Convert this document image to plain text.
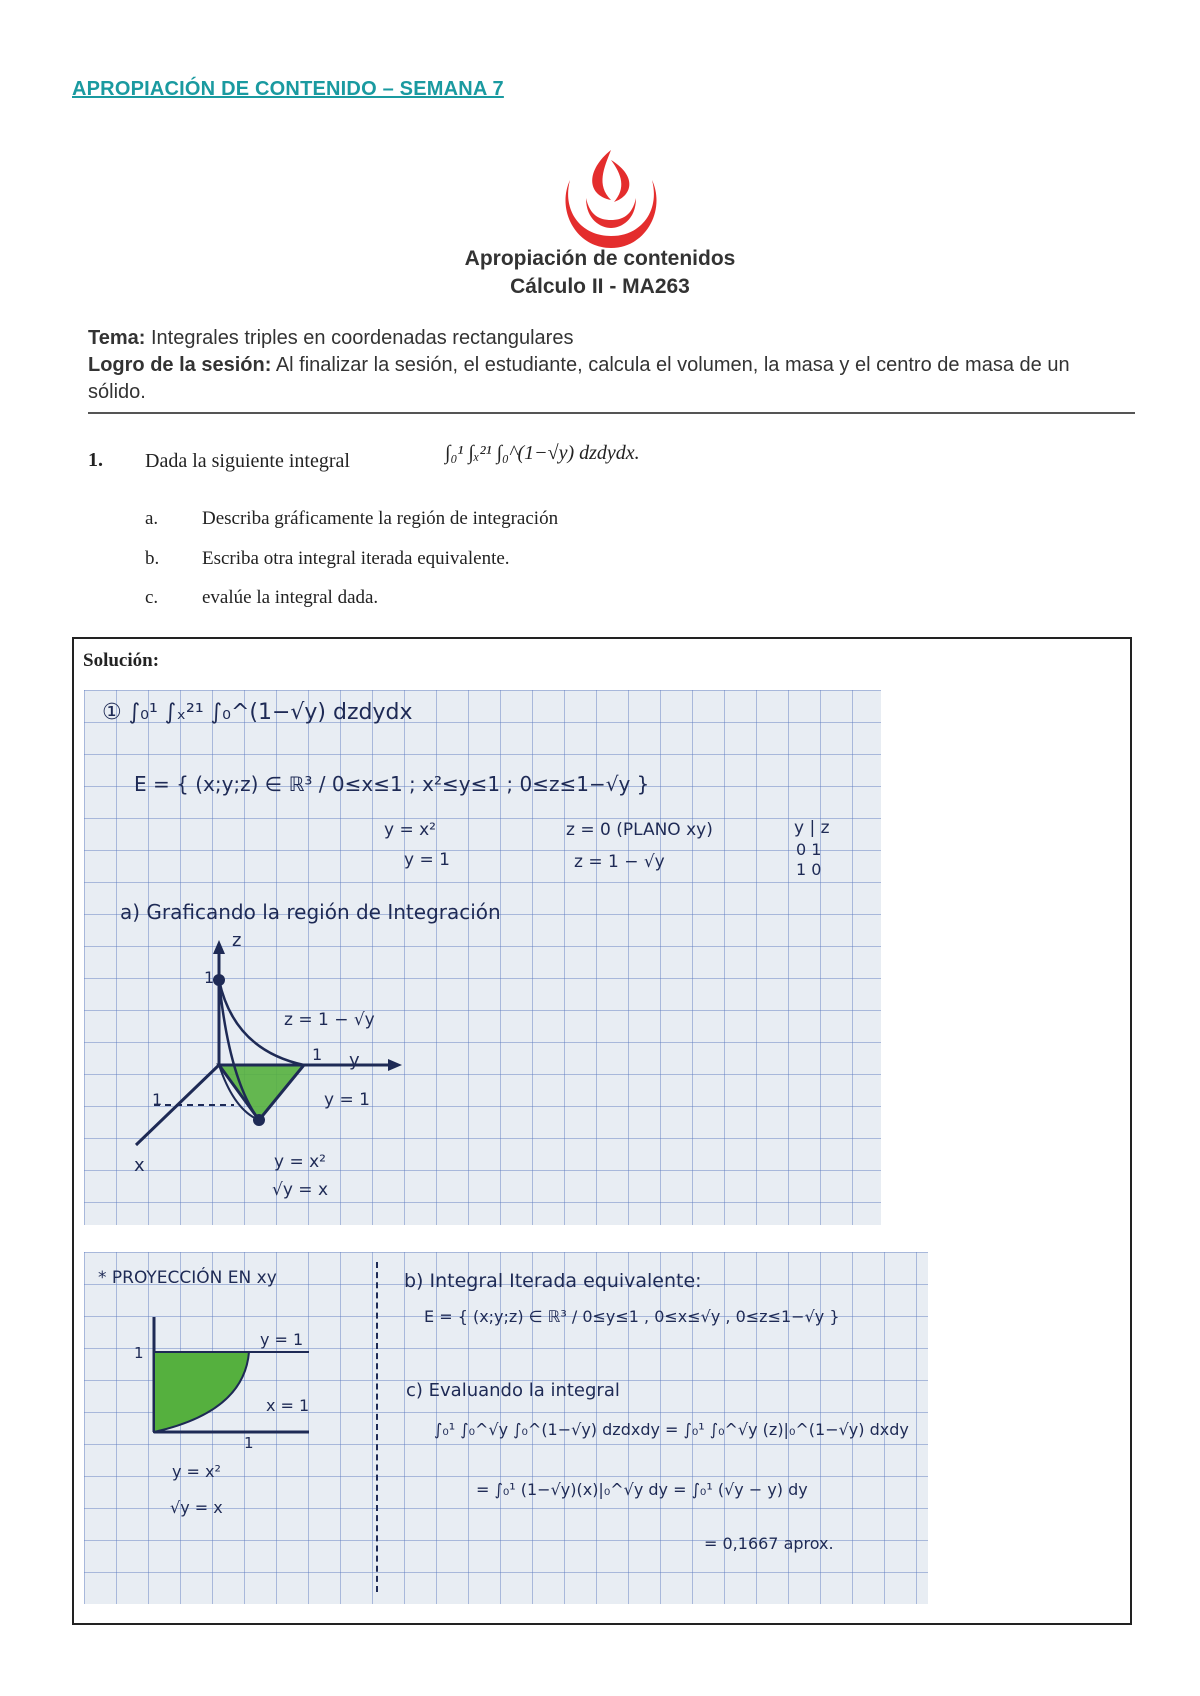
APROPIACIÓN DE CONTENIDO – SEMANA 7
Apropiación de contenidos
Cálculo II - MA263
Tema: Integrales triples en coordenadas rectangulares
Logro de la sesión: Al finalizar la sesión, el estudiante, calcula el volumen, la masa y el centro de masa de un sólido.
1. Dada la siguiente integral	∫₀¹ ∫ₓ²¹ ∫₀^(1−√y) dzdydx.
a. Describa gráficamente la región de integración
b. Escriba otra integral iterada equivalente.
c. evalúe la integral dada.
Solución:
① ∫₀¹ ∫ₓ²¹ ∫₀^(1−√y) dzdydx
E = { (x;y;z) ∈ ℝ³ / 0≤x≤1 ; x²≤y≤1 ; 0≤z≤1−√y }
y = x²
y = 1
z = 0 (PLANO xy)
z = 1 − √y
y | z
0 1
1 0
a) Graficando la región de Integración
z
y
x
1
1
1
z = 1 − √y
y = 1
y = x²
√y = x
* PROYECCIÓN EN xy
y = 1
x = 1
1
1
y = x²
√y = x
b) Integral Iterada equivalente:
E = { (x;y;z) ∈ ℝ³ / 0≤y≤1 , 0≤x≤√y , 0≤z≤1−√y }
c) Evaluando la integral
∫₀¹ ∫₀^√y ∫₀^(1−√y) dzdxdy = ∫₀¹ ∫₀^√y (z)|₀^(1−√y) dxdy
= ∫₀¹ (1−√y)(x)|₀^√y dy = ∫₀¹ (√y − y) dy
= 0,1667 aprox.
